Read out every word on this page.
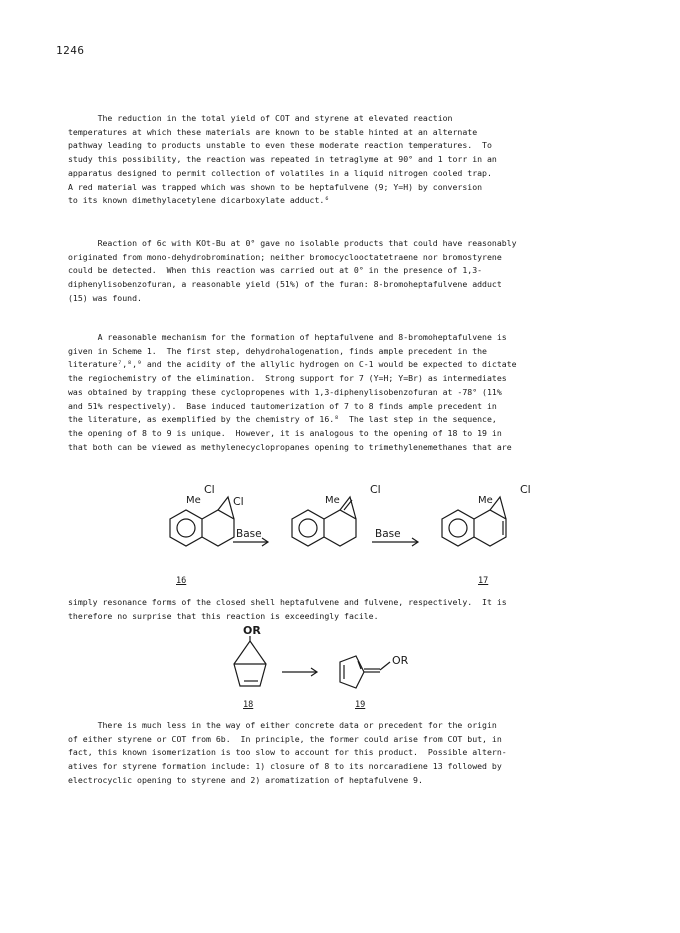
1246

The reduction in the total yield of COT and styrene at elevated reaction
temperatures at which these materials are known to be stable hinted at an alternate
pathway leading to products unstable to even these moderate reaction temperatures.  To
study this possibility, the reaction was repeated in tetraglyme at 90° and 1 torr in an
apparatus designed to permit collection of volatiles in a liquid nitrogen cooled trap.
A red material was trapped which was shown to be heptafulvene (9; Y=H) by conversion
to its known dimethylacetylene dicarboxylate adduct.⁶

Reaction of 6c with KOt-Bu at 0° gave no isolable products that could have reasonably
originated from mono-dehydrobromination; neither bromocyclooctatetraene nor bromostyrene
could be detected.  When this reaction was carried out at 0° in the presence of 1,3-
diphenylisobenzofuran, a reasonable yield (51%) of the furan: 8-bromoheptafulvene adduct
(15) was found.

A reasonable mechanism for the formation of heptafulvene and 8-bromoheptafulvene is
given in Scheme 1.  The first step, dehydrohalogenation, finds ample precedent in the
literature⁷,⁸,⁹ and the acidity of the allylic hydrogen on C-1 would be expected to dictate
the regiochemistry of the elimination.  Strong support for 7 (Y=H; Y=Br) as intermediates
was obtained by trapping these cyclopropenes with 1,3-diphenylisobenzofuran at -78° (11%
and 51% respectively).  Base induced tautomerization of 7 to 8 finds ample precedent in
the literature, as exemplified by the chemistry of 16.⁸  The last step in the sequence,
the opening of 8 to 9 is unique.  However, it is analogous to the opening of 18 to 19 in
that both can be viewed as methylenecyclopropanes opening to trimethylenemethanes that are

Me
Cl
Cl
Base
Me
Cl
Base
Me
Cl
16	17

simply resonance forms of the closed shell heptafulvene and fulvene, respectively.  It is
therefore no surprise that this reaction is exceedingly facile.

OR
OR
18	19

There is much less in the way of either concrete data or precedent for the origin
of either styrene or COT from 6b.  In principle, the former could arise from COT but, in
fact, this known isomerization is too slow to account for this product.  Possible altern-
atives for styrene formation include: 1) closure of 8 to its norcaradiene 13 followed by
electrocyclic opening to styrene and 2) aromatization of heptafulvene 9.
